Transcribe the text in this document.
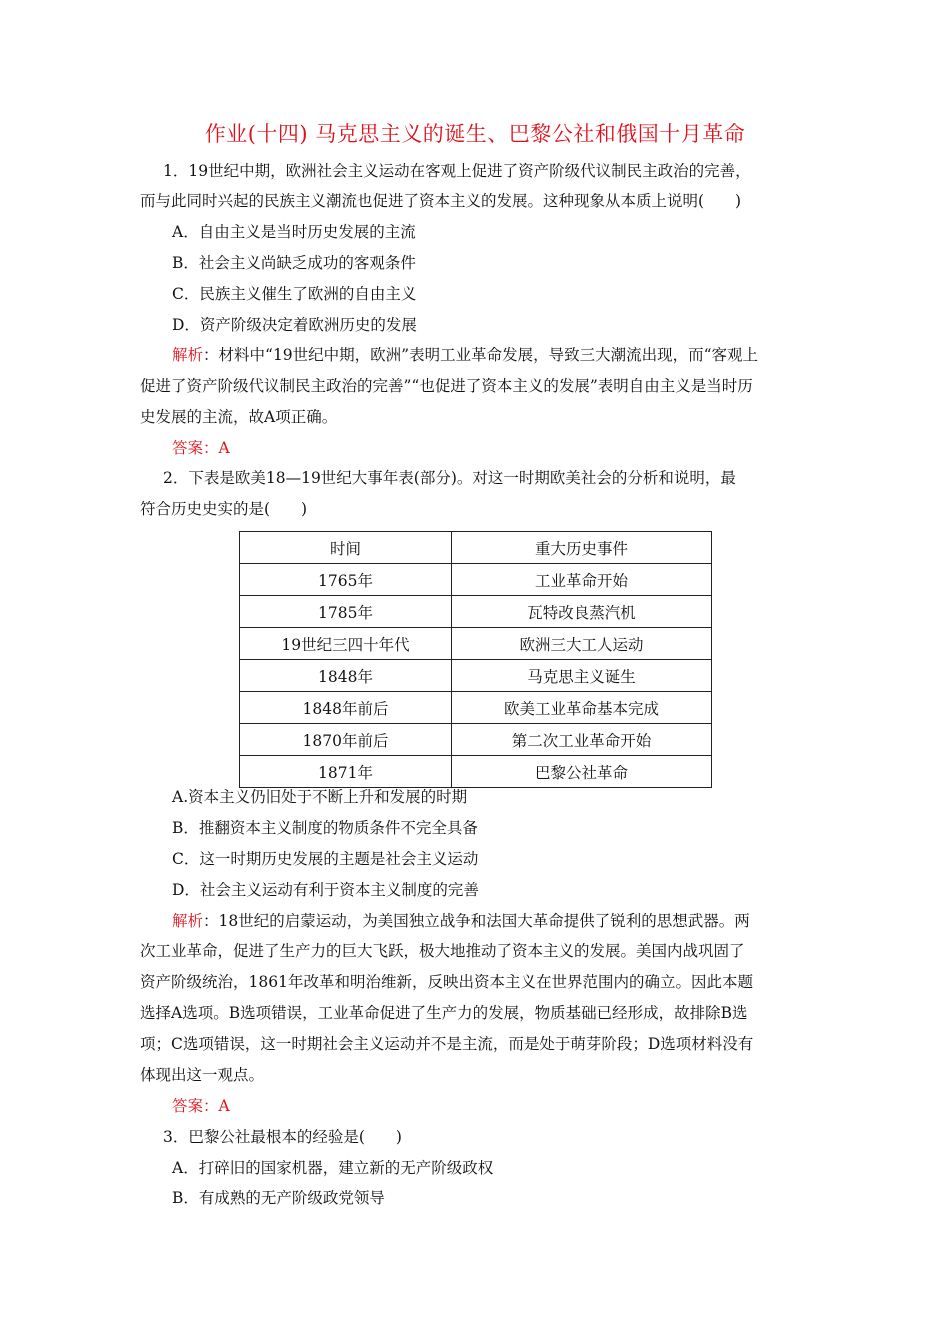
作业(十四) 马克思主义的诞生、巴黎公社和俄国十月革命
1．19世纪中期，欧洲社会主义运动在客观上促进了资产阶级代议制民主政治的完善，
而与此同时兴起的民族主义潮流也促进了资本主义的发展。这种现象从本质上说明(　　)
A．自由主义是当时历史发展的主流
B．社会主义尚缺乏成功的客观条件
C．民族主义催生了欧洲的自由主义
D．资产阶级决定着欧洲历史的发展
解析：材料中“19世纪中期，欧洲”表明工业革命发展，导致三大潮流出现，而“客观上
促进了资产阶级代议制民主政治的完善”“也促进了资本主义的发展”表明自由主义是当时历
史发展的主流，故A项正确。
答案：A
2．下表是欧美18—19世纪大事年表(部分)。对这一时期欧美社会的分析和说明，最
符合历史史实的是(　　)
时间	重大历史事件
1765年	工业革命开始
1785年	瓦特改良蒸汽机
19世纪三四十年代	欧洲三大工人运动
1848年	马克思主义诞生
1848年前后	欧美工业革命基本完成
1870年前后	第二次工业革命开始
1871年	巴黎公社革命
A.资本主义仍旧处于不断上升和发展的时期
B．推翻资本主义制度的物质条件不完全具备
C．这一时期历史发展的主题是社会主义运动
D．社会主义运动有利于资本主义制度的完善
解析：18世纪的启蒙运动，为美国独立战争和法国大革命提供了锐利的思想武器。两
次工业革命，促进了生产力的巨大飞跃，极大地推动了资本主义的发展。美国内战巩固了
资产阶级统治，1861年改革和明治维新，反映出资本主义在世界范围内的确立。因此本题
选择A选项。B选项错误，工业革命促进了生产力的发展，物质基础已经形成，故排除B选
项；C选项错误，这一时期社会主义运动并不是主流，而是处于萌芽阶段；D选项材料没有
体现出这一观点。
答案：A
3．巴黎公社最根本的经验是(　　)
A．打碎旧的国家机器，建立新的无产阶级政权
B．有成熟的无产阶级政党领导
